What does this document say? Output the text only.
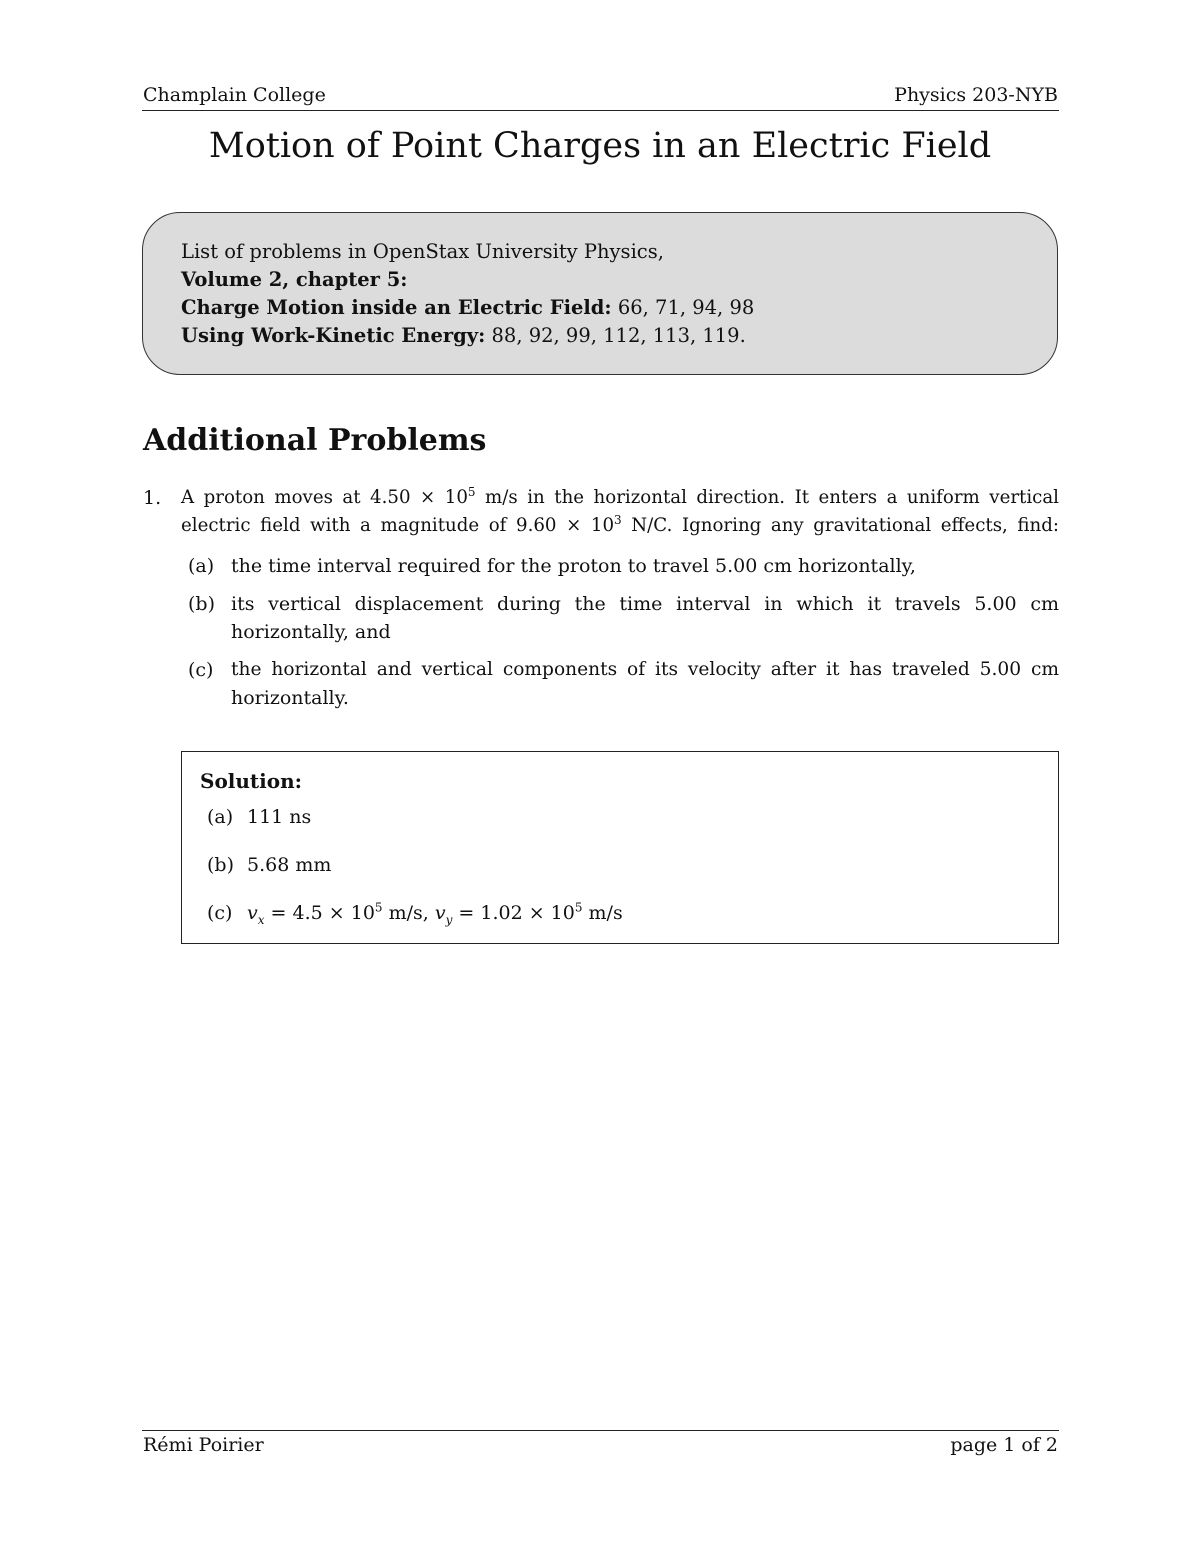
Champlain College	Physics 203-NYB
Motion of Point Charges in an Electric Field
List of problems in OpenStax University Physics,
Volume 2, chapter 5:
Charge Motion inside an Electric Field: 66, 71, 94, 98
Using Work-Kinetic Energy: 88, 92, 99, 112, 113, 119.
Additional Problems
1. A proton moves at $4.50 \times 10^5$ m/s in the horizontal direction. It enters a uniform vertical
electric field with a magnitude of $9.60 \times 10^3$ N/C. Ignoring any gravitational effects, find:
(a) the time interval required for the proton to travel 5.00 cm horizontally,
(b) its vertical displacement during the time interval in which it travels 5.00 cm
horizontally, and
(c) the horizontal and vertical components of its velocity after it has traveled 5.00 cm
horizontally.
Solution:
(a) 111 ns
(b) 5.68 mm
(c) $v_x = 4.5 \times 10^5$ m/s, $v_y = 1.02 \times 10^5$ m/s
Rémi Poirier	page 1 of 2
